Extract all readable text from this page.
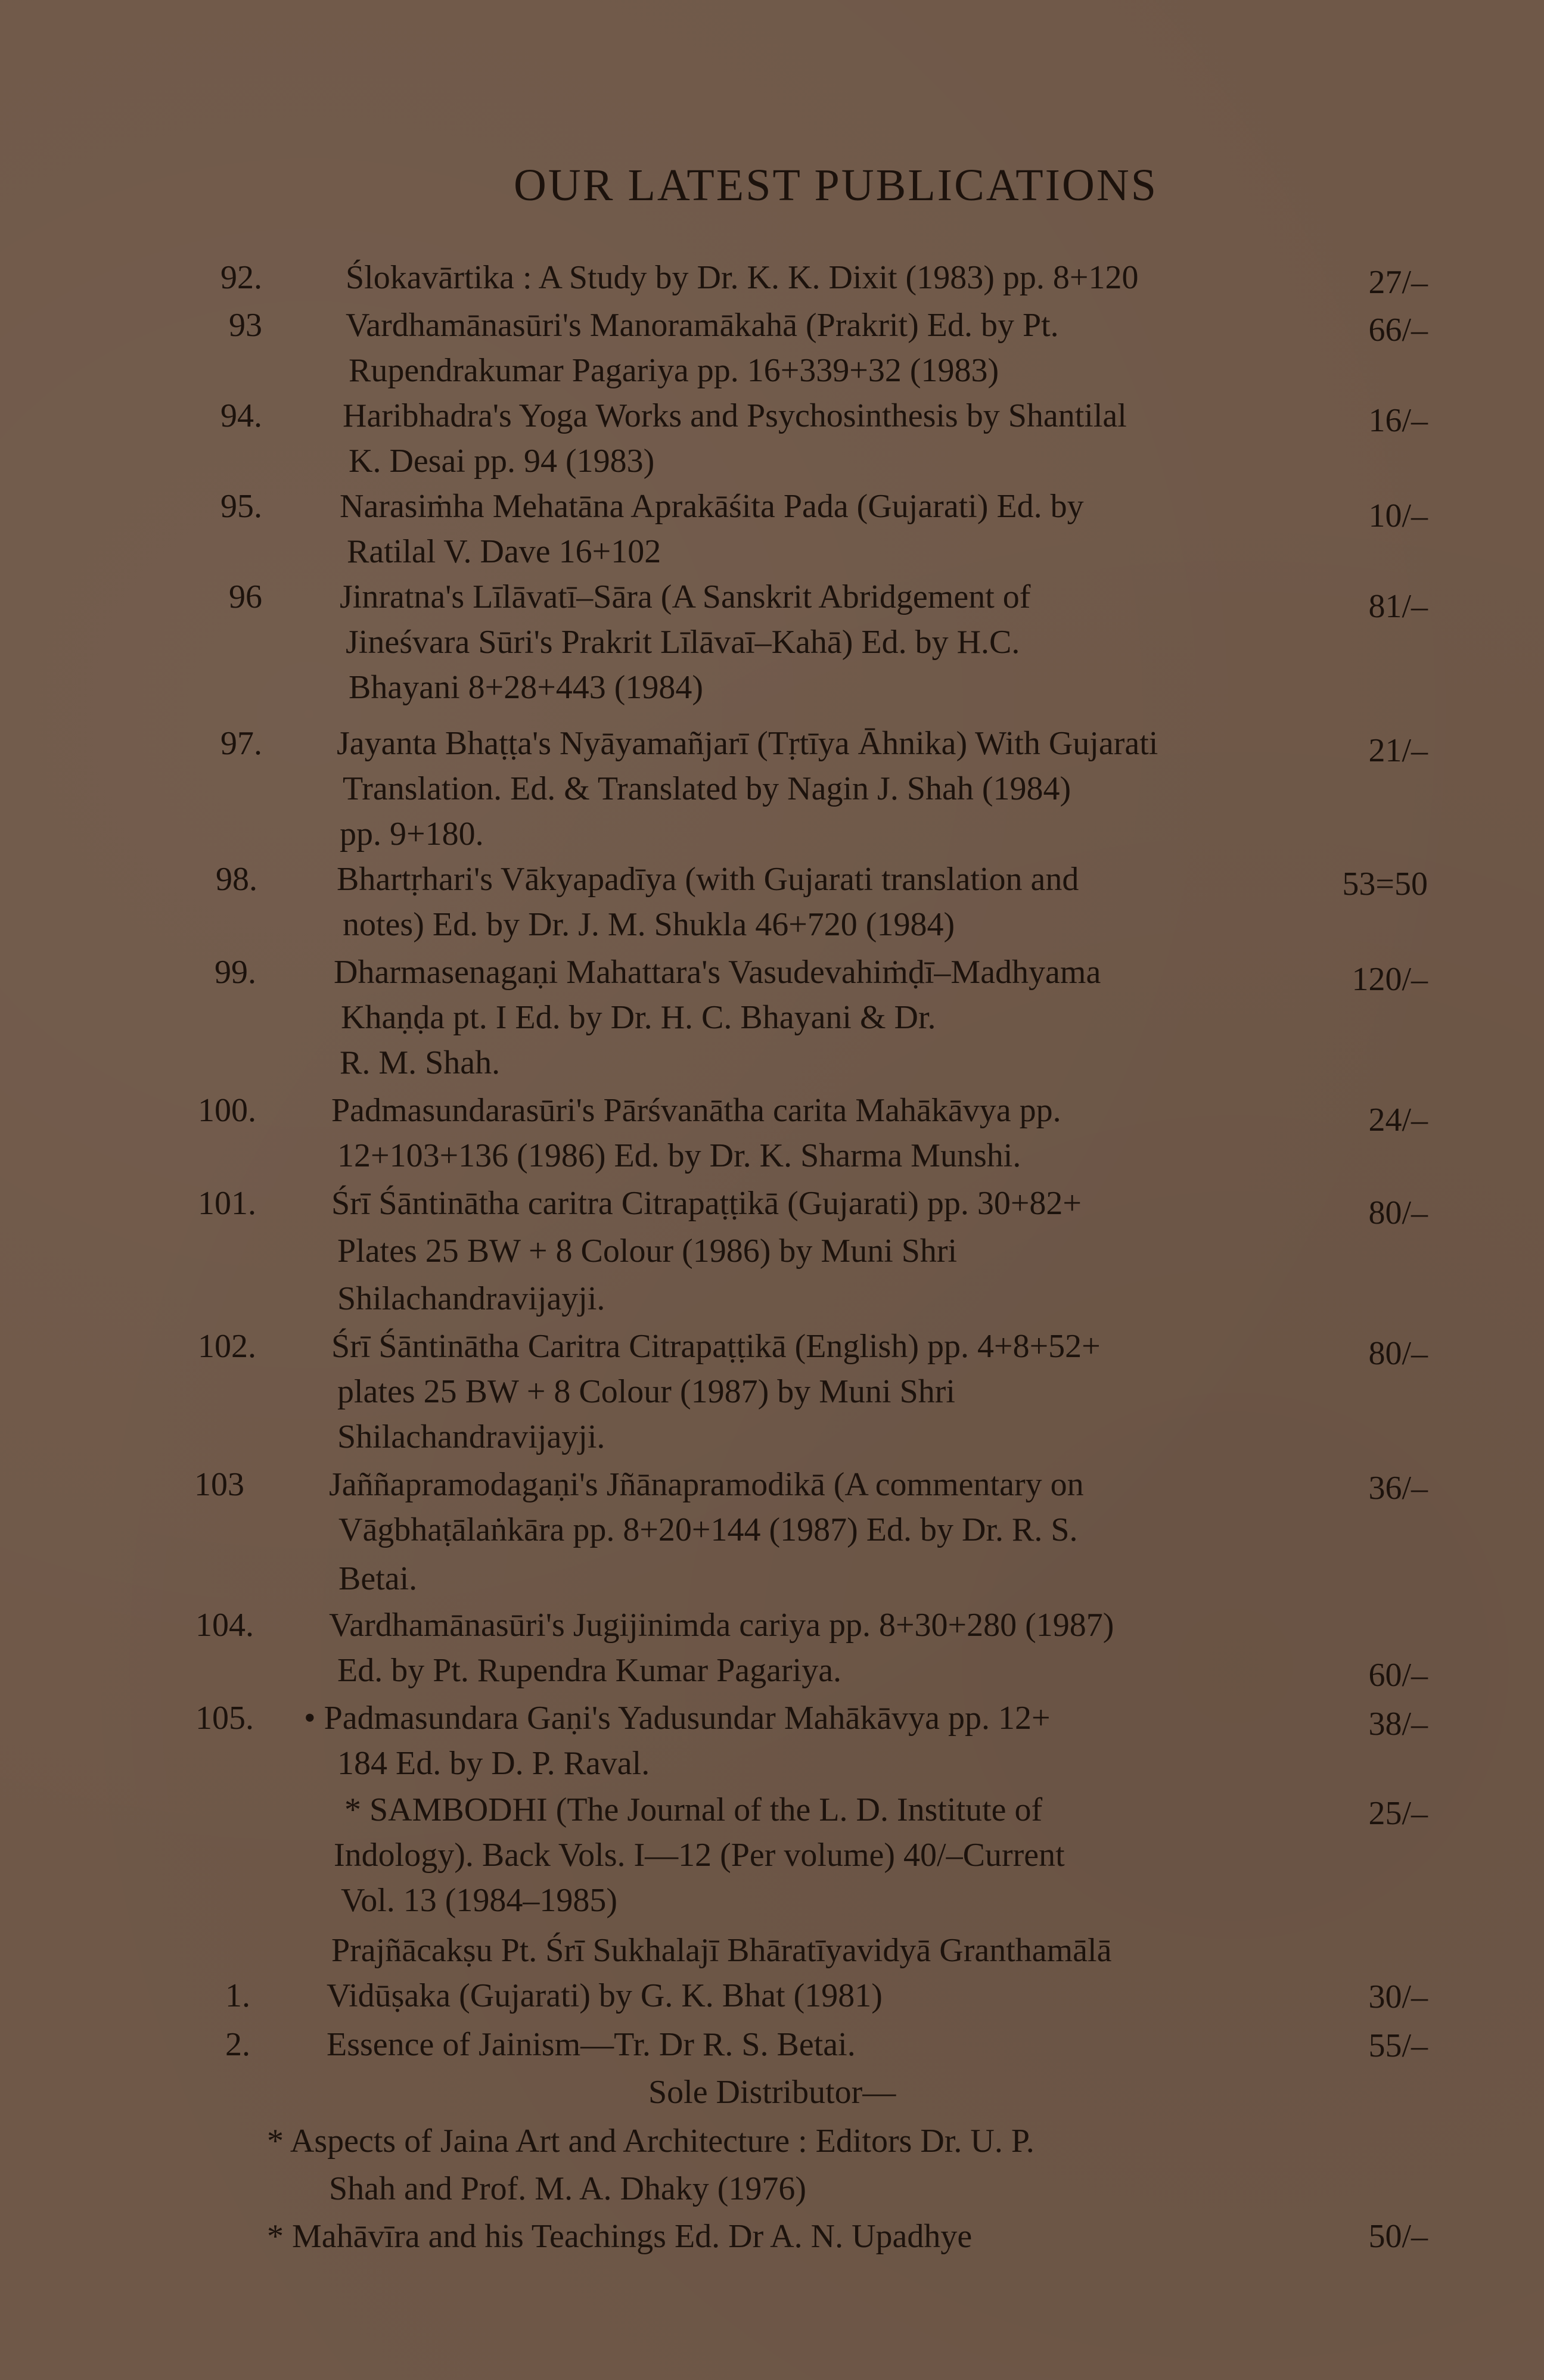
OUR LATEST PUBLICATIONS
92.	Ślokavārtika : A Study by Dr. K. K. Dixit (1983) pp. 8+120	27/–
93	Vardhamānasūri's Manoramākahā (Prakrit) Ed. by Pt.
Rupendrakumar Pagariya pp. 16+339+32 (1983)
66/–
94. Haribhadra's Yoga Works and Psychosinthesis by Shantilal
K. Desai pp. 94 (1983)
16/–
95. Narasiṁha Mehatāna Aprakāśita Pada (Gujarati) Ed. by
Ratilal V. Dave 16+102
10/–
96 Jinratna's Līlāvatī–Sāra (A Sanskrit Abridgement of
Jineśvara Sūri's Prakrit Līlāvaī–Kahā) Ed. by H.C.
Bhayani 8+28+443 (1984)
81/–
97. Jayanta Bhaṭṭa's Nyāyamañjarī (Tṛtīya Āhnika) With Gujarati
Translation. Ed. & Translated by Nagin J. Shah (1984)
pp. 9+180.
21/–
98. Bhartṛhari's Vākyapadīya (with Gujarati translation and
notes) Ed. by Dr. J. M. Shukla 46+720 (1984)
53=50
99. Dharmasenagaṇi Mahattara's Vasudevahiṁḍī–Madhyama
Khaṇḍa pt. I Ed. by Dr. H. C. Bhayani & Dr.
R. M. Shah.
120/–
100. Padmasundarasūri's Pārśvanātha carita Mahākāvya pp.
12+103+136 (1986) Ed. by Dr. K. Sharma Munshi.
24/–
101. Śrī Śāntinātha caritra Citrapaṭṭikā (Gujarati) pp. 30+82+
Plates 25 BW + 8 Colour (1986) by Muni Shri
Shilachandravijayji.
80/–
102. Śrī Śāntinātha Caritra Citrapaṭṭikā (English) pp. 4+8+52+
plates 25 BW + 8 Colour (1987) by Muni Shri
Shilachandravijayji.
80/–
103	Jaññapramodagaṇi's Jñānapramodikā (A commentary on
Vāgbhaṭālaṅkāra pp. 8+20+144 (1987) Ed. by Dr. R. S.
Betai.
36/–
104. Vardhamānasūri's Jugijinimda cariya pp. 8+30+280 (1987)
Ed. by Pt. Rupendra Kumar Pagariya.	60/–
105. • Padmasundara Gaṇi's Yadusundar Mahākāvya pp. 12+
184 Ed. by D. P. Raval.
38/–
* SAMBODHI (The Journal of the L. D. Institute of
Indology). Back Vols. I—12 (Per volume) 40/–Current
Vol. 13 (1984–1985)
25/–
Prajñācakṣu Pt. Śrī Sukhalajī Bhāratīyavidyā Granthamālā
1. Vidūṣaka (Gujarati) by G. K. Bhat (1981)	30/–
2. Essence of Jainism—Tr. Dr R. S. Betai.	55/–
Sole Distributor—
* Aspects of Jaina Art and Architecture : Editors Dr. U. P.
Shah and Prof. M. A. Dhaky (1976)
* Mahāvīra and his Teachings Ed. Dr A. N. Upadhye	50/–
